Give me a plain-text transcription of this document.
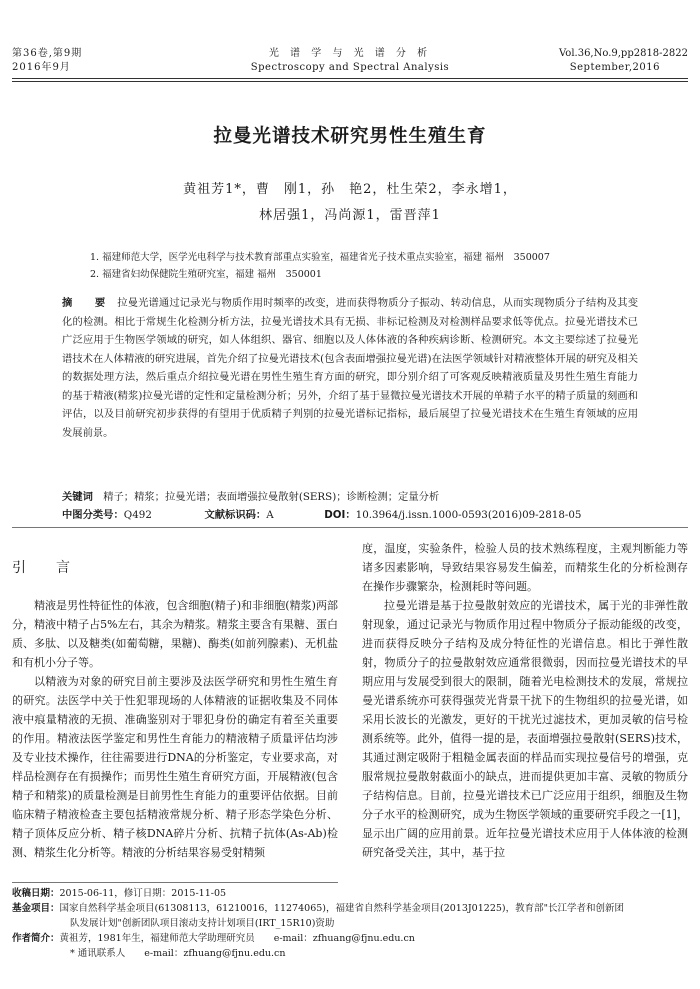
第36卷,第9期
2016年9月
光 谱 学 与 光 谱 分 析
Spectroscopy and Spectral Analysis
Vol.36,No.9,pp2818-2822
September,2016
拉曼光谱技术研究男性生殖生育
黄祖芳1*，曹　刚1，孙　艳2，杜生荣2，李永增1，
林居强1，冯尚源1，雷晋萍1
1. 福建师范大学，医学光电科学与技术教育部重点实验室，福建省光子技术重点实验室，福建 福州　350007
2. 福建省妇幼保健院生殖研究室，福建 福州　350001
摘　要 拉曼光谱通过记录光与物质作用时频率的改变，进而获得物质分子振动、转动信息，从而实现物质分子结构及其变化的检测。相比于常规生化检测分析方法，拉曼光谱技术具有无损、非标记检测及对检测样品要求低等优点。拉曼光谱技术已广泛应用于生物医学领域的研究，如人体组织、器官、细胞以及人体体液的各种疾病诊断、检测研究。本文主要综述了拉曼光谱技术在人体精液的研究进展，首先介绍了拉曼光谱技术(包含表面增强拉曼光谱)在法医学领域针对精液整体开展的研究及相关的数据处理方法，然后重点介绍拉曼光谱在男性生殖生育方面的研究，即分别介绍了可客观反映精液质量及男性生殖生育能力的基于精液(精浆)拉曼光谱的定性和定量检测分析；另外，介绍了基于显微拉曼光谱技术开展的单精子水平的精子质量的刻画和评估，以及目前研究初步获得的有望用于优质精子判别的拉曼光谱标记指标，最后展望了拉曼光谱技术在生殖生育领域的应用发展前景。
关键词　 精子；精浆；拉曼光谱；表面增强拉曼散射(SERS)；诊断检测；定量分析
中图分类号：Q492	文献标识码：A	DOI：10.3964/j.issn.1000-0593(2016)09-2818-05
引　言

精液是男性特征性的体液，包含细胞(精子)和非细胞(精浆)两部分，精液中精子占5%左右，其余为精浆。精浆主要含有果糖、蛋白质、多肽、以及糖类(如葡萄糖，果糖)、酶类(如前列腺素)、无机盐和有机小分子等。

以精液为对象的研究目前主要涉及法医学研究和男性生殖生育的研究。法医学中关于性犯罪现场的人体精液的证据收集及不同体液中痕量精液的无损、准确鉴别对于罪犯身份的确定有着至关重要的作用。精液法医学鉴定和男性生育能力的精液精子质量评估均涉及专业技术操作，往往需要进行DNA的分析鉴定，专业要求高，对样品检测存在有损操作；而男性生殖生育研究方面，开展精液(包含精子和精浆)的质量检测是目前男性生育能力的重要评估依据。目前临床精子精液检查主要包括精液常规分析、精子形态学染色分析、精子顶体反应分析、精子核DNA碎片分析、抗精子抗体(As-Ab)检测、精浆生化分析等。精液的分析结果容易受射精频

度，温度，实验条件，检验人员的技术熟练程度，主观判断能力等诸多因素影响，导致结果容易发生偏差，而精浆生化的分析检测存在操作步骤繁杂，检测耗时等问题。

拉曼光谱是基于拉曼散射效应的光谱技术，属于光的非弹性散射现象，通过记录光与物质作用过程中物质分子振动能级的改变，进而获得反映分子结构及成分特征性的光谱信息。相比于弹性散射，物质分子的拉曼散射效应通常很微弱，因而拉曼光谱技术的早期应用与发展受到很大的限制，随着光电检测技术的发展，常规拉曼光谱系统亦可获得强荧光背景干扰下的生物组织的拉曼光谱，如采用长波长的光激发，更好的干扰光过滤技术，更加灵敏的信号检测系统等。此外，值得一提的是，表面增强拉曼散射(SERS)技术，其通过测定吸附于粗糙金属表面的样品而实现拉曼信号的增强，克服常规拉曼散射截面小的缺点，进而提供更加丰富、灵敏的物质分子结构信息。目前，拉曼光谱技术已广泛应用于组织，细胞及生物分子水平的检测研究，成为生物医学领域的重要研究手段之一[1]，显示出广阔的应用前景。近年拉曼光谱技术应用于人体体液的检测研究备受关注，其中，基于拉

收稿日期：2015-06-11，修订日期：2015-11-05
基金项目：国家自然科学基金项目(61308113，61210016，11274065)，福建省自然科学基金项目(2013J01225)，教育部"长江学者和创新团
队发展计划"创新团队项目滚动支持计划项目(IRT_15R10)资助
作者简介：黄祖芳，1981年生，福建师范大学助理研究员　　e-mail：zfhuang@fjnu.edu.cn
* 通讯联系人　　e-mail：zfhuang@fjnu.edu.cn
